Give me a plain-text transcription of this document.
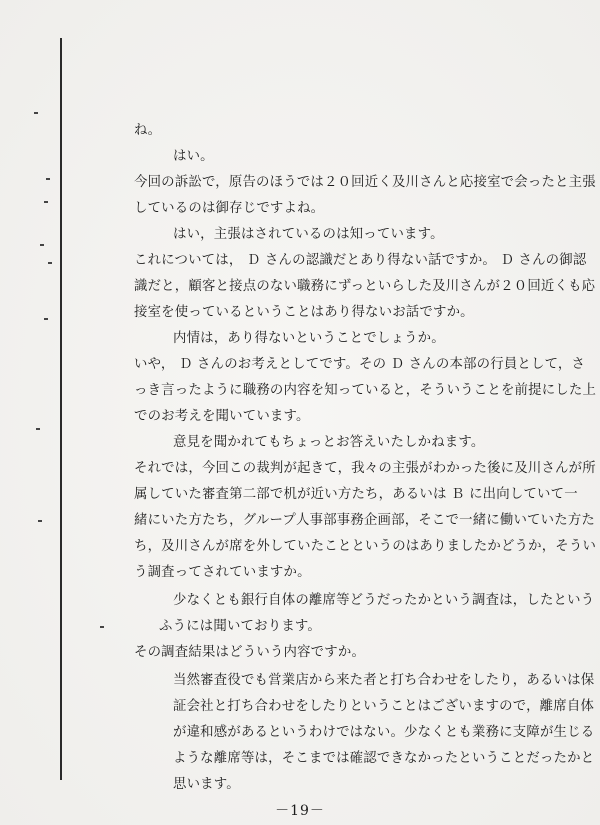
ね。
はい。
今回の訴訟で，原告のほうでは２０回近く及川さんと応接室で会ったと主張
しているのは御存じですよね。
はい，主張はされているのは知っています。
これについては， Ｄ さんの認識だとあり得ない話ですか。 Ｄ さんの御認
識だと，顧客と接点のない職務にずっといらした及川さんが２０回近くも応
接室を使っているということはあり得ないお話ですか。
内情は，あり得ないということでしょうか。
いや， Ｄ さんのお考えとしてです。その Ｄ さんの本部の行員として，さ
っき言ったように職務の内容を知っていると，そういうことを前提にした上
でのお考えを聞いています。
意見を聞かれてもちょっとお答えいたしかねます。
それでは，今回この裁判が起きて，我々の主張がわかった後に及川さんが所
属していた審査第二部で机が近い方たち，あるいは Ｂ に出向していて一
緒にいた方たち，グループ人事部事務企画部，そこで一緒に働いていた方た
ち，及川さんが席を外していたことというのはありましたかどうか，そうい
う調査ってされていますか。
少なくとも銀行自体の離席等どうだったかという調査は，したという
ふうには聞いております。
その調査結果はどういう内容ですか。
当然審査役でも営業店から来た者と打ち合わせをしたり，あるいは保
証会社と打ち合わせをしたりということはございますので，離席自体
が違和感があるというわけではない。少なくとも業務に支障が生じる
ような離席等は，そこまでは確認できなかったということだったかと
思います。
－19－
